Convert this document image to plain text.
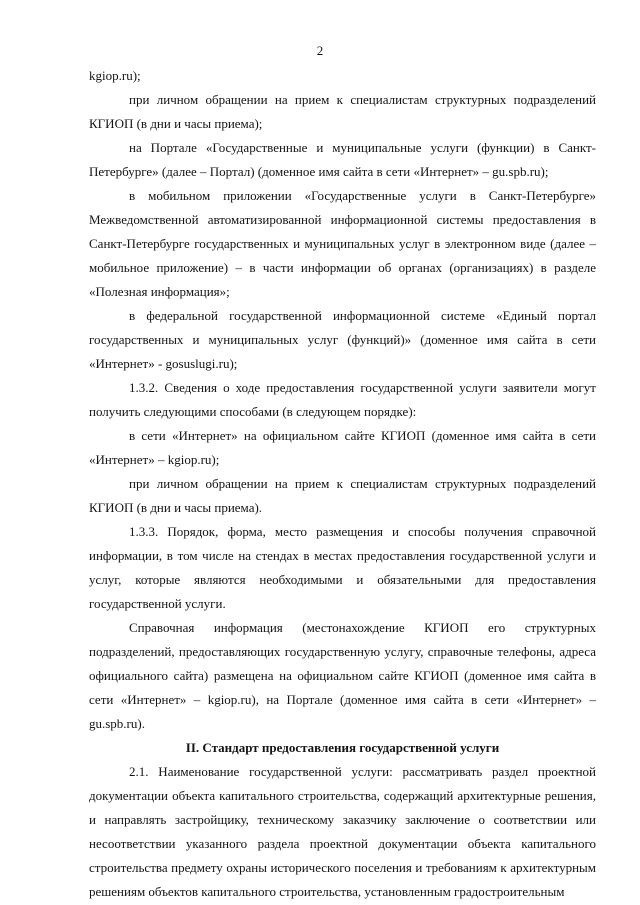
2

kgiop.ru);

при личном обращении на прием к специалистам структурных подразделений КГИОП (в дни и часы приема);

на Портале «Государственные и муниципальные услуги (функции) в Санкт-Петербурге» (далее – Портал) (доменное имя сайта в сети «Интернет» – gu.spb.ru);

в мобильном приложении «Государственные услуги в Санкт-Петербурге» Межведомственной автоматизированной информационной системы предоставления в Санкт-Петербурге государственных и муниципальных услуг в электронном виде (далее – мобильное приложение) – в части информации об органах (организациях) в разделе «Полезная информация»;

в федеральной государственной информационной системе «Единый портал государственных и муниципальных услуг (функций)» (доменное имя сайта в сети «Интернет» - gosuslugi.ru);

1.3.2. Сведения о ходе предоставления государственной услуги заявители могут получить следующими способами (в следующем порядке):

в сети «Интернет» на официальном сайте КГИОП (доменное имя сайта в сети «Интернет» – kgiop.ru);

при личном обращении на прием к специалистам структурных подразделений КГИОП (в дни и часы приема).

1.3.3. Порядок, форма, место размещения и способы получения справочной информации, в том числе на стендах в местах предоставления государственной услуги и услуг, которые являются необходимыми и обязательными для предоставления государственной услуги.

Справочная информация (местонахождение КГИОП его структурных подразделений, предоставляющих государственную услугу, справочные телефоны, адреса официального сайта) размещена на официальном сайте КГИОП (доменное имя сайта в сети «Интернет» – kgiop.ru), на Портале (доменное имя сайта в сети «Интернет» – gu.spb.ru).

II. Стандарт предоставления государственной услуги

2.1. Наименование государственной услуги: рассматривать раздел проектной документации объекта капитального строительства, содержащий архитектурные решения, и направлять застройщику, техническому заказчику заключение о соответствии или несоответствии указанного раздела проектной документации объекта капитального строительства предмету охраны исторического поселения и требованиям к архитектурным решениям объектов капитального строительства, установленным градостроительным
